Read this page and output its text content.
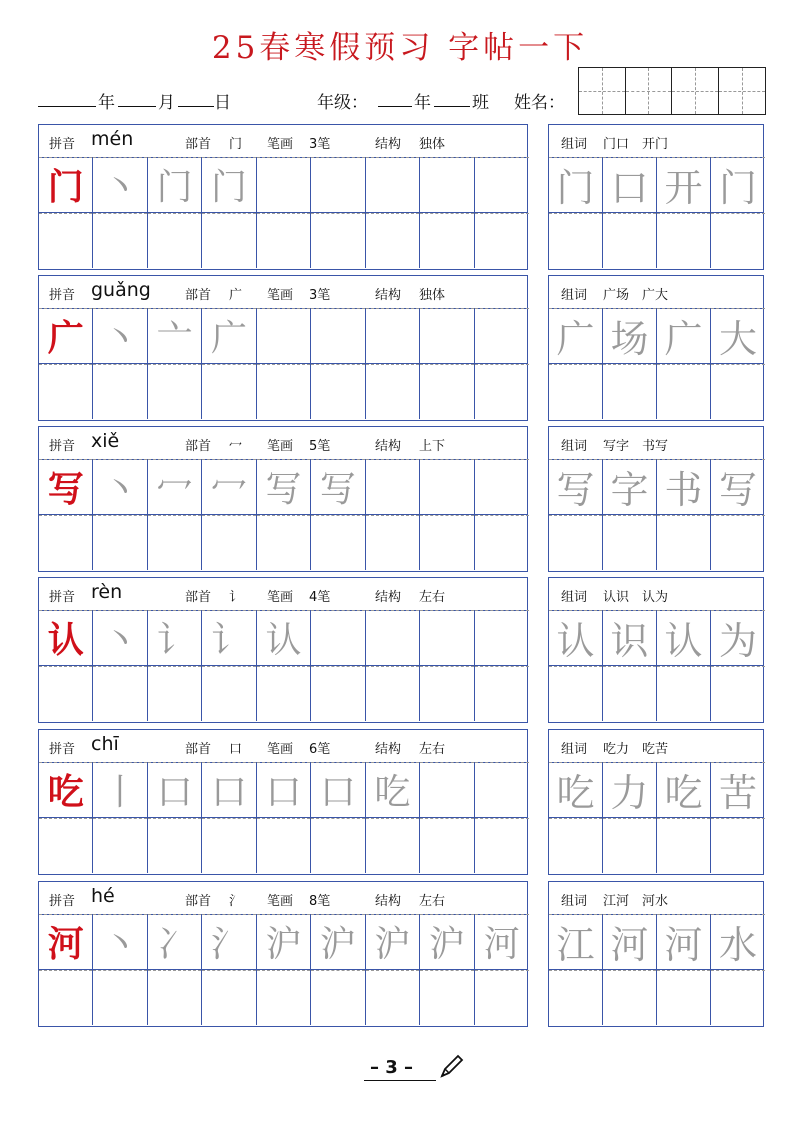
25春寒假预习 字帖一下
年	月 日	年级：	年 班 姓名：
拼音 mén	部首 门 笔画 3笔	结构 独体
门 丶 门 门
组词 门口　开门
门 口 开 门
拼音 guǎng	部首 广 笔画 3笔	结构 独体
广 丶 亠 广
组词 广场　广大
广 场 广 大
拼音 xiě	部首 冖 笔画 5笔	结构 上下
写 丶 冖 冖 写 写
组词 写字　书写
写 字 书 写
拼音 rèn	部首 讠 笔画 4笔	结构 左右
认 丶 讠 讠 认
组词 认识　认为
认 识 认 为
拼音 chī	部首 口 笔画 6笔	结构 左右
吃 丨 口 口 口 口 吃
组词 吃力　吃苦
吃 力 吃 苦
拼音 hé	部首 氵 笔画 8笔	结构 左右
河 丶 冫 氵 沪 沪 沪 沪 河
组词 江河　河水
江 河 河 水
– 3 –
